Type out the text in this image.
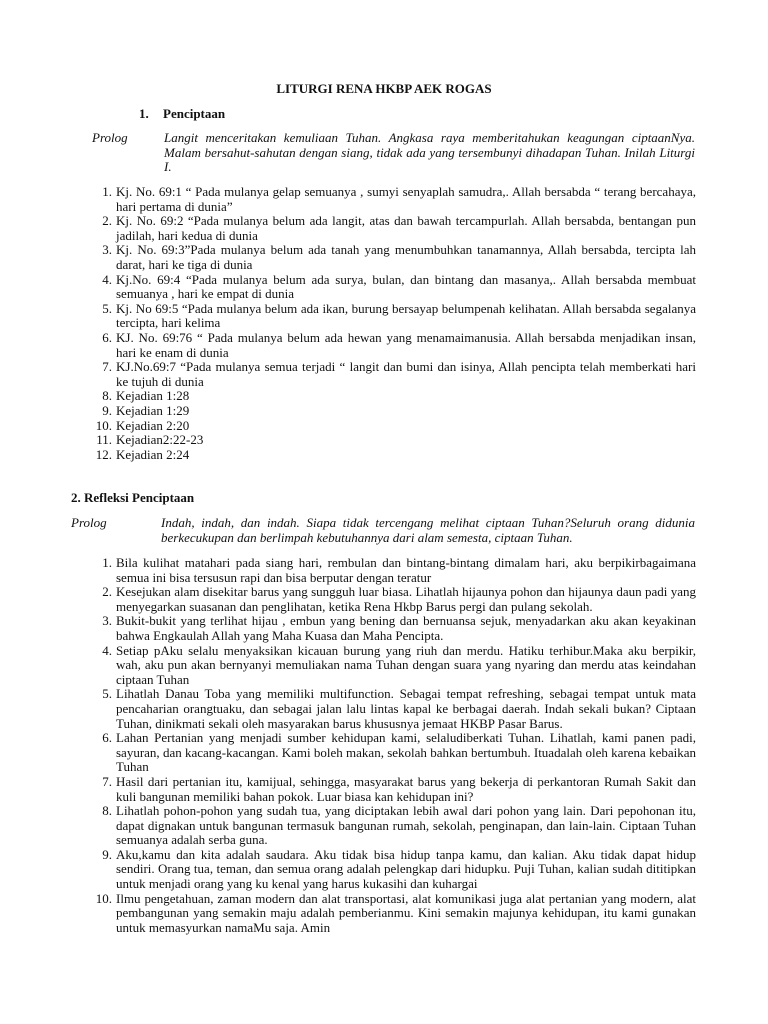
LITURGI RENA HKBP AEK ROGAS
1. Penciptaan
Prolog	Langit menceritakan kemuliaan Tuhan. Angkasa raya memberitahukan keagungan ciptaanNya. Malam bersahut-sahutan dengan siang, tidak ada yang tersembunyi dihadapan Tuhan. Inilah Liturgi I.
1. Kj. No. 69:1 “ Pada mulanya gelap semuanya , sumyi senyaplah samudra,. Allah bersabda “ terang bercahaya, hari pertama di dunia”
2. Kj. No. 69:2 “Pada mulanya belum ada langit, atas dan bawah tercampurlah. Allah bersabda, bentangan pun jadilah, hari kedua di dunia
3. Kj. No. 69:3”Pada mulanya belum ada tanah yang menumbuhkan tanamannya, Allah bersabda, tercipta lah darat, hari ke tiga di dunia
4. Kj.No. 69:4 “Pada mulanya belum ada surya, bulan, dan bintang dan masanya,. Allah bersabda membuat semuanya , hari ke empat di dunia
5. Kj. No 69:5 “Pada mulanya belum ada ikan, burung bersayap belumpenah kelihatan. Allah bersabda segalanya tercipta, hari kelima
6. KJ. No. 69:76 “ Pada mulanya belum ada hewan yang menamaimanusia. Allah bersabda menjadikan insan, hari ke enam di dunia
7. KJ.No.69:7 “Pada mulanya semua terjadi “ langit dan bumi dan isinya, Allah pencipta telah memberkati hari ke tujuh di dunia
8. Kejadian 1:28
9. Kejadian 1:29
10. Kejadian 2:20
11. Kejadian2:22-23
12. Kejadian 2:24
2. Refleksi Penciptaan
Prolog	Indah, indah, dan indah. Siapa tidak tercengang melihat ciptaan Tuhan?Seluruh orang didunia berkecukupan dan berlimpah kebutuhannya dari alam semesta, ciptaan Tuhan.
1. Bila kulihat matahari pada siang hari, rembulan dan bintang-bintang dimalam hari, aku berpikirbagaimana semua ini bisa tersusun rapi dan bisa berputar dengan teratur
2. Kesejukan alam disekitar barus yang sungguh luar biasa. Lihatlah hijaunya pohon dan hijaunya daun padi yang menyegarkan suasanan dan penglihatan, ketika Rena Hkbp Barus pergi dan pulang sekolah.
3. Bukit-bukit yang terlihat hijau , embun yang bening dan bernuansa sejuk, menyadarkan aku akan keyakinan bahwa Engkaulah Allah yang Maha Kuasa dan Maha Pencipta.
4. Setiap pAku selalu menyaksikan kicauan burung yang riuh dan merdu. Hatiku terhibur.Maka aku berpikir, wah, aku pun akan bernyanyi memuliakan nama Tuhan dengan suara yang nyaring dan merdu atas keindahan ciptaan Tuhan
5. Lihatlah Danau Toba yang memiliki multifunction. Sebagai tempat refreshing, sebagai tempat untuk mata pencaharian orangtuaku, dan sebagai jalan lalu lintas kapal ke berbagai daerah. Indah sekali bukan? Ciptaan Tuhan, dinikmati sekali oleh masyarakan barus khususnya jemaat HKBP Pasar Barus.
6. Lahan Pertanian yang menjadi sumber kehidupan kami, selaludiberkati Tuhan. Lihatlah, kami panen padi, sayuran, dan kacang-kacangan. Kami boleh makan, sekolah bahkan bertumbuh. Ituadalah oleh karena kebaikan Tuhan
7. Hasil dari pertanian itu, kamijual, sehingga, masyarakat barus yang bekerja di perkantoran Rumah Sakit dan kuli bangunan memiliki bahan pokok. Luar biasa kan kehidupan ini?
8. Lihatlah pohon-pohon yang sudah tua, yang diciptakan lebih awal dari pohon yang lain. Dari pepohonan itu, dapat dignakan untuk bangunan termasuk bangunan rumah, sekolah, penginapan, dan lain-lain. Ciptaan Tuhan semuanya adalah serba guna.
9. Aku,kamu dan kita adalah saudara. Aku tidak bisa hidup tanpa kamu, dan kalian. Aku tidak dapat hidup sendiri. Orang tua, teman, dan semua orang adalah pelengkap dari hidupku. Puji Tuhan, kalian sudah dititipkan untuk menjadi orang yang ku kenal yang harus kukasihi dan kuhargai
10. Ilmu pengetahuan, zaman modern dan alat transportasi, alat komunikasi juga alat pertanian yang modern, alat pembangunan yang semakin maju adalah pemberianmu. Kini semakin majunya kehidupan, itu kami gunakan untuk memasyurkan namaMu saja. Amin
